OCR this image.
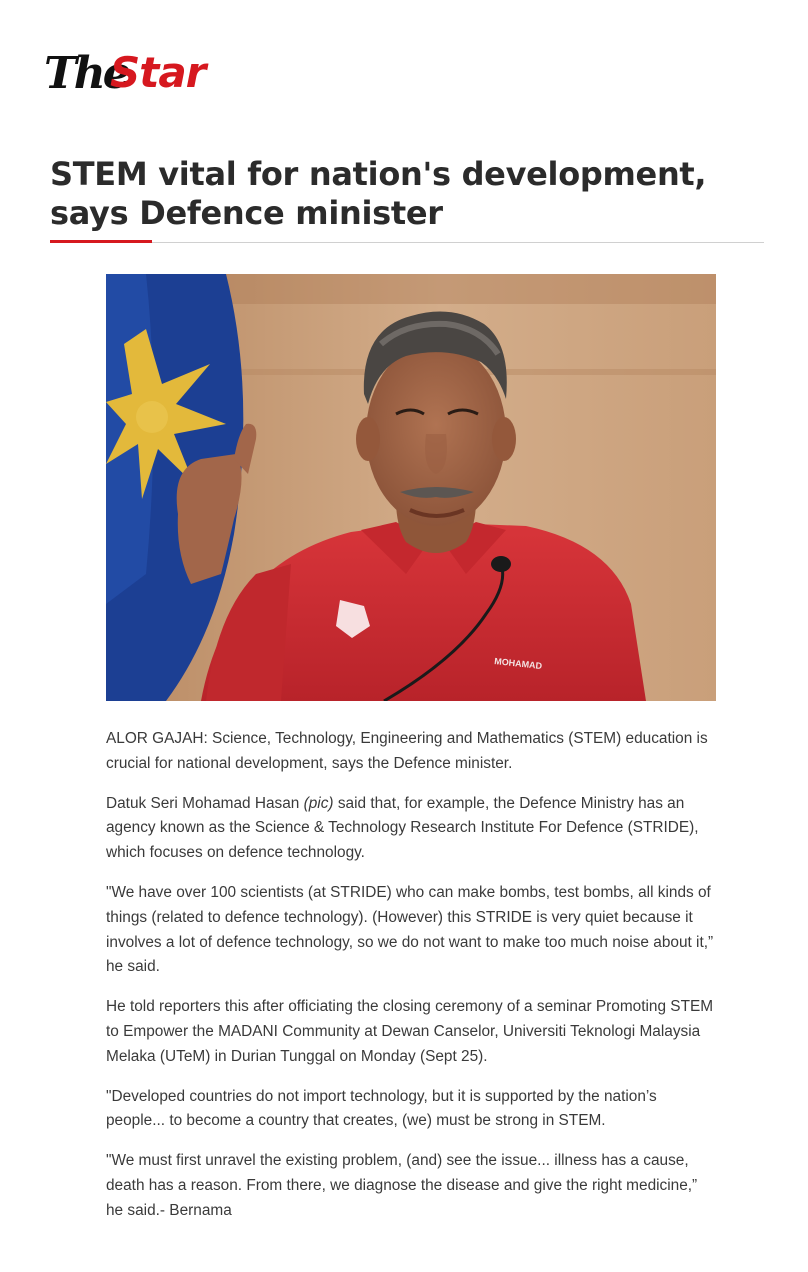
The
Star
STEM vital for nation's development, says Defence minister
MOHAMAD

ALOR GAJAH: Science, Technology, Engineering and Mathematics (STEM) education is crucial for national development, says the Defence minister.

Datuk Seri Mohamad Hasan (pic) said that, for example, the Defence Ministry has an agency known as the Science & Technology Research Institute For Defence (STRIDE), which focuses on defence technology.

"We have over 100 scientists (at STRIDE) who can make bombs, test bombs, all kinds of things (related to defence technology). (However) this STRIDE is very quiet because it involves a lot of defence technology, so we do not want to make too much noise about it,” he said.

He told reporters this after officiating the closing ceremony of a seminar Promoting STEM to Empower the MADANI Community at Dewan Canselor, Universiti Teknologi Malaysia Melaka (UTeM) in Durian Tunggal on Monday (Sept 25).

"Developed countries do not import technology, but it is supported by the nation’s people... to become a country that creates, (we) must be strong in STEM.

"We must first unravel the existing problem, (and) see the issue... illness has a cause, death has a reason. From there, we diagnose the disease and give the right medicine,” he said.- Bernama
